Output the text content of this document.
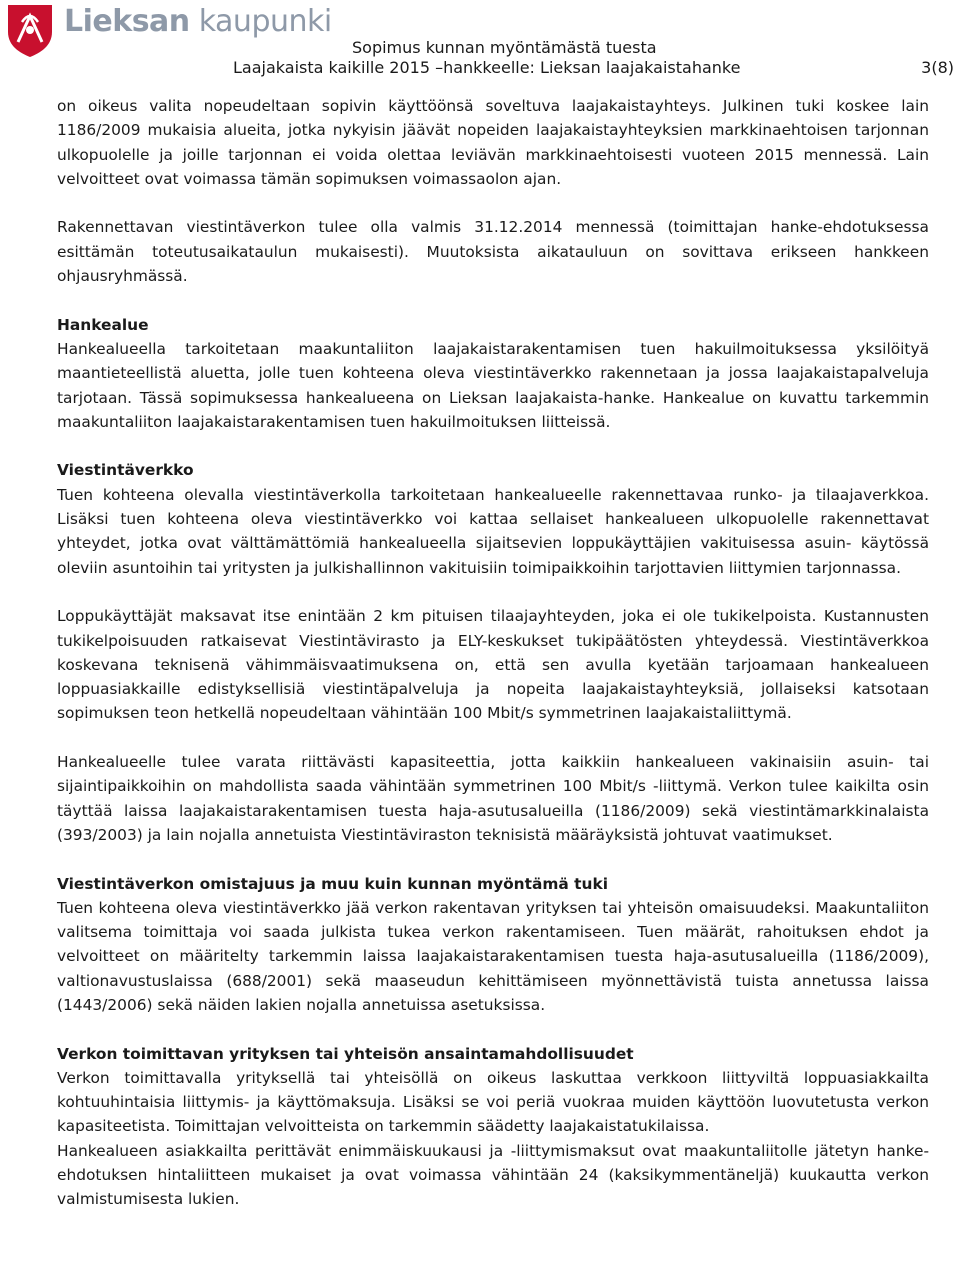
Lieksan kaupunki
Sopimus kunnan myöntämästä tuesta
Laajakaista kaikille 2015 –hankkeelle: Lieksan laajakaistahanke	3(8)

on oikeus valita nopeudeltaan sopivin käyttöönsä soveltuva laajakaistayhteys. Julkinen tuki koskee lain 1186/2009 mukaisia alueita, jotka nykyisin jäävät nopeiden laajakaistayhteyksien markkinaehtoisen tarjonnan ulkopuolelle ja joille tarjonnan ei voida olettaa leviävän markkinaehtoisesti vuoteen 2015 mennessä. Lain velvoitteet ovat voimassa tämän sopimuksen voimassaolon ajan.

Rakennettavan viestintäverkon tulee olla valmis 31.12.2014 mennessä (toimittajan hanke-ehdotuksessa esittämän toteutusaikataulun mukaisesti). Muutoksista aikatauluun on sovittava erikseen hankkeen ohjausryhmässä.

Hankealue

Hankealueella tarkoitetaan maakuntaliiton laajakaistarakentamisen tuen hakuilmoituksessa yksilöityä maantieteellistä aluetta, jolle tuen kohteena oleva viestintäverkko rakennetaan ja jossa laajakaistapalveluja tarjotaan. Tässä sopimuksessa hankealueena on Lieksan laajakaista-hanke. Hankealue on kuvattu tarkemmin maakuntaliiton laajakaistarakentamisen tuen hakuilmoituksen liitteissä.

Viestintäverkko

Tuen kohteena olevalla viestintäverkolla tarkoitetaan hankealueelle rakennettavaa runko- ja tilaajaverkkoa. Lisäksi tuen kohteena oleva viestintäverkko voi kattaa sellaiset hankealueen ulkopuolelle rakennettavat yhteydet, jotka ovat välttämättömiä hankealueella sijaitsevien loppukäyttäjien vakituisessa asuin- käytössä oleviin asuntoihin tai yritysten ja julkishallinnon vakituisiin toimipaikkoihin tarjottavien liittymien tarjonnassa.

Loppukäyttäjät maksavat itse enintään 2 km pituisen tilaajayhteyden, joka ei ole tukikelpoista. Kustannusten tukikelpoisuuden ratkaisevat Viestintävirasto ja ELY-keskukset tukipäätösten yhteydessä. Viestintäverkkoa koskevana teknisenä vähimmäisvaatimuksena on, että sen avulla kyetään tarjoamaan hankealueen loppuasiakkaille edistyksellisiä viestintäpalveluja ja nopeita laajakaistayhteyksiä, jollaiseksi katsotaan sopimuksen teon hetkellä nopeudeltaan vähintään 100 Mbit/s symmetrinen laajakaistaliittymä.

Hankealueelle tulee varata riittävästi kapasiteettia, jotta kaikkiin hankealueen vakinaisiin asuin- tai sijaintipaikkoihin on mahdollista saada vähintään symmetrinen 100 Mbit/s -liittymä. Verkon tulee kaikilta osin täyttää laissa laajakaistarakentamisen tuesta haja-asutusalueilla (1186/2009) sekä viestintämarkkinalaista (393/2003) ja lain nojalla annetuista Viestintäviraston teknisistä määräyksistä johtuvat vaatimukset.

Viestintäverkon omistajuus ja muu kuin kunnan myöntämä tuki

Tuen kohteena oleva viestintäverkko jää verkon rakentavan yrityksen tai yhteisön omaisuudeksi. Maakuntaliiton valitsema toimittaja voi saada julkista tukea verkon rakentamiseen. Tuen määrät, rahoituksen ehdot ja velvoitteet on määritelty tarkemmin laissa laajakaistarakentamisen tuesta haja-asutusalueilla (1186/2009), valtionavustuslaissa (688/2001) sekä maaseudun kehittämiseen myönnettävistä tuista annetussa laissa (1443/2006) sekä näiden lakien nojalla annetuissa asetuksissa.

Verkon toimittavan yrityksen tai yhteisön ansaintamahdollisuudet

Verkon toimittavalla yrityksellä tai yhteisöllä on oikeus laskuttaa verkkoon liittyviltä loppuasiakkailta kohtuuhintaisia liittymis- ja käyttömaksuja. Lisäksi se voi periä vuokraa muiden käyttöön luovutetusta verkon kapasiteetista. Toimittajan velvoitteista on tarkemmin säädetty laajakaistatukilaissa.

Hankealueen asiakkailta perittävät enimmäiskuukausi ja -liittymismaksut ovat maakuntaliitolle jätetyn hanke-ehdotuksen hintaliitteen mukaiset ja ovat voimassa vähintään 24 (kaksikymmentäneljä) kuukautta verkon valmistumisesta lukien.
